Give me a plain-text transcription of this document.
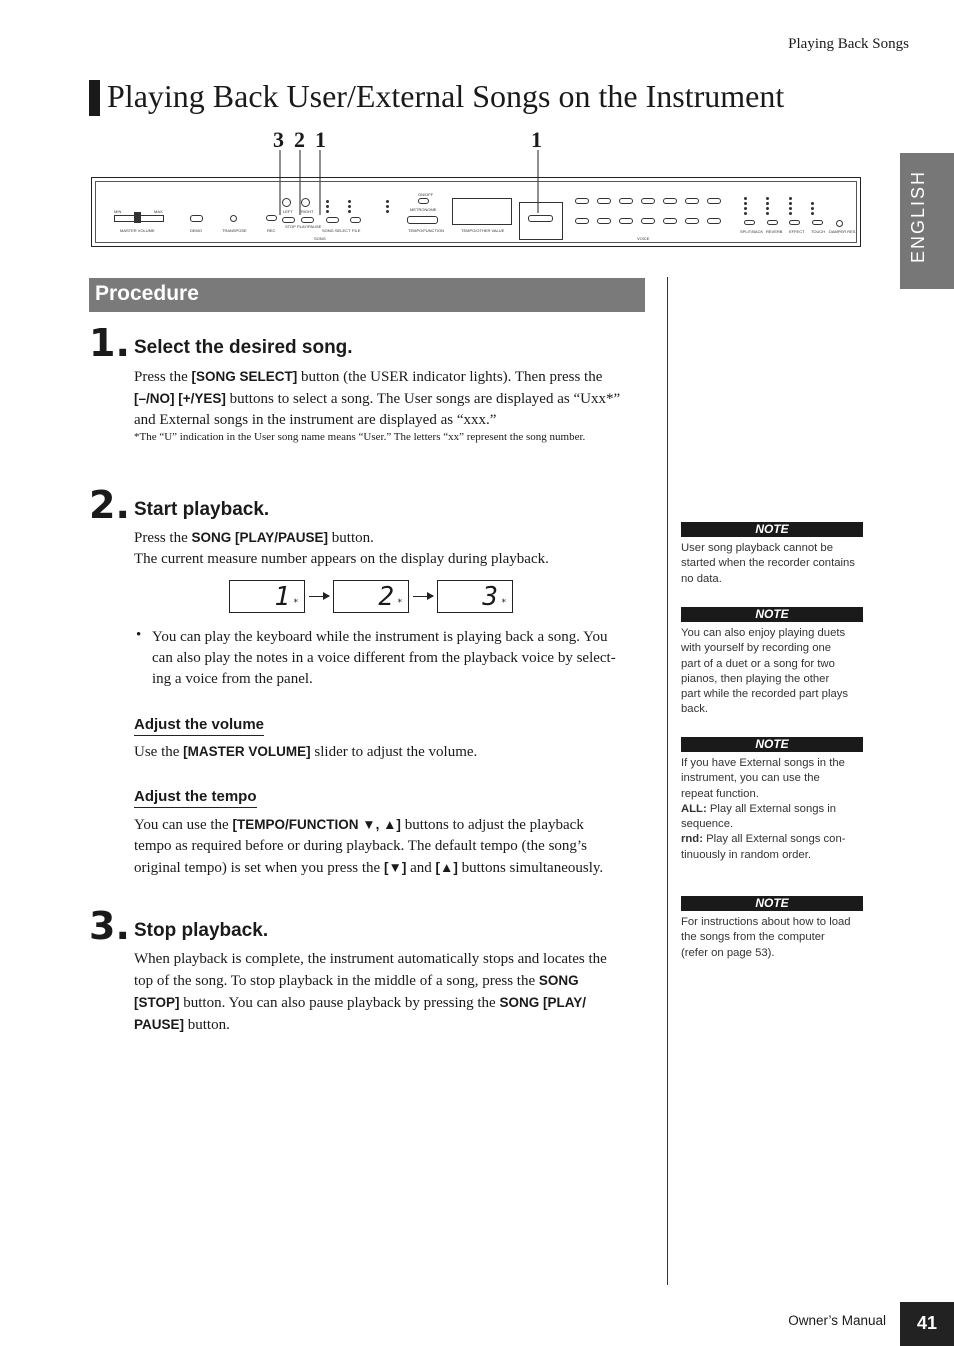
Playing Back Songs
Playing Back User/External Songs on the Instrument
3 2 1	1
MIN	MAX
MASTER VOLUME	DEMO	TRANSPOSE	REC
LEFT RIGHT
STOP PLAY/PAUSE
SONG
SONG SELECT FILE
ON/OFF
METRONOME
TEMPO/FUNCTION	TEMPO/OTHER VALUE
VOICE
SPLIT/BACK REVERB EFFECT TOUCH DAMPER RES.	ENGLISH
Procedure
1. Select the desired song.
Press the [SONG SELECT] button (the USER indicator lights). Then press the
[–/NO] [+/YES] buttons to select a song. The User songs are displayed as “Uxx*”
and External songs in the instrument are displayed as “xxx.”
*The “U” indication in the User song name means “User.” The letters “xx” represent the song number.
2. Start playback.
Press the SONG [PLAY/PAUSE] button.
The current measure number appears on the display during playback.
1 *	2 *	3 *
• You can play the keyboard while the instrument is playing back a song. You
can also play the notes in a voice different from the playback voice by select-
ing a voice from the panel.
Adjust the volume
Use the [MASTER VOLUME] slider to adjust the volume.
Adjust the tempo
You can use the [TEMPO/FUNCTION ▼, ▲] buttons to adjust the playback
tempo as required before or during playback. The default tempo (the song’s
original tempo) is set when you press the [▼] and [▲] buttons simultaneously.
3. Stop playback.
When playback is complete, the instrument automatically stops and locates the
top of the song. To stop playback in the middle of a song, press the SONG
[STOP] button. You can also pause playback by pressing the SONG [PLAY/
PAUSE] button.
NOTE
User song playback cannot be
started when the recorder contains
no data.
NOTE
You can also enjoy playing duets
with yourself by recording one
part of a duet or a song for two
pianos, then playing the other
part while the recorded part plays
back.
NOTE
If you have External songs in the
instrument, you can use the
repeat function.
ALL: Play all External songs in
sequence.
rnd: Play all External songs con-
tinuously in random order.
NOTE
For instructions about how to load
the songs from the computer
(refer on page 53).
Owner’s Manual	41
